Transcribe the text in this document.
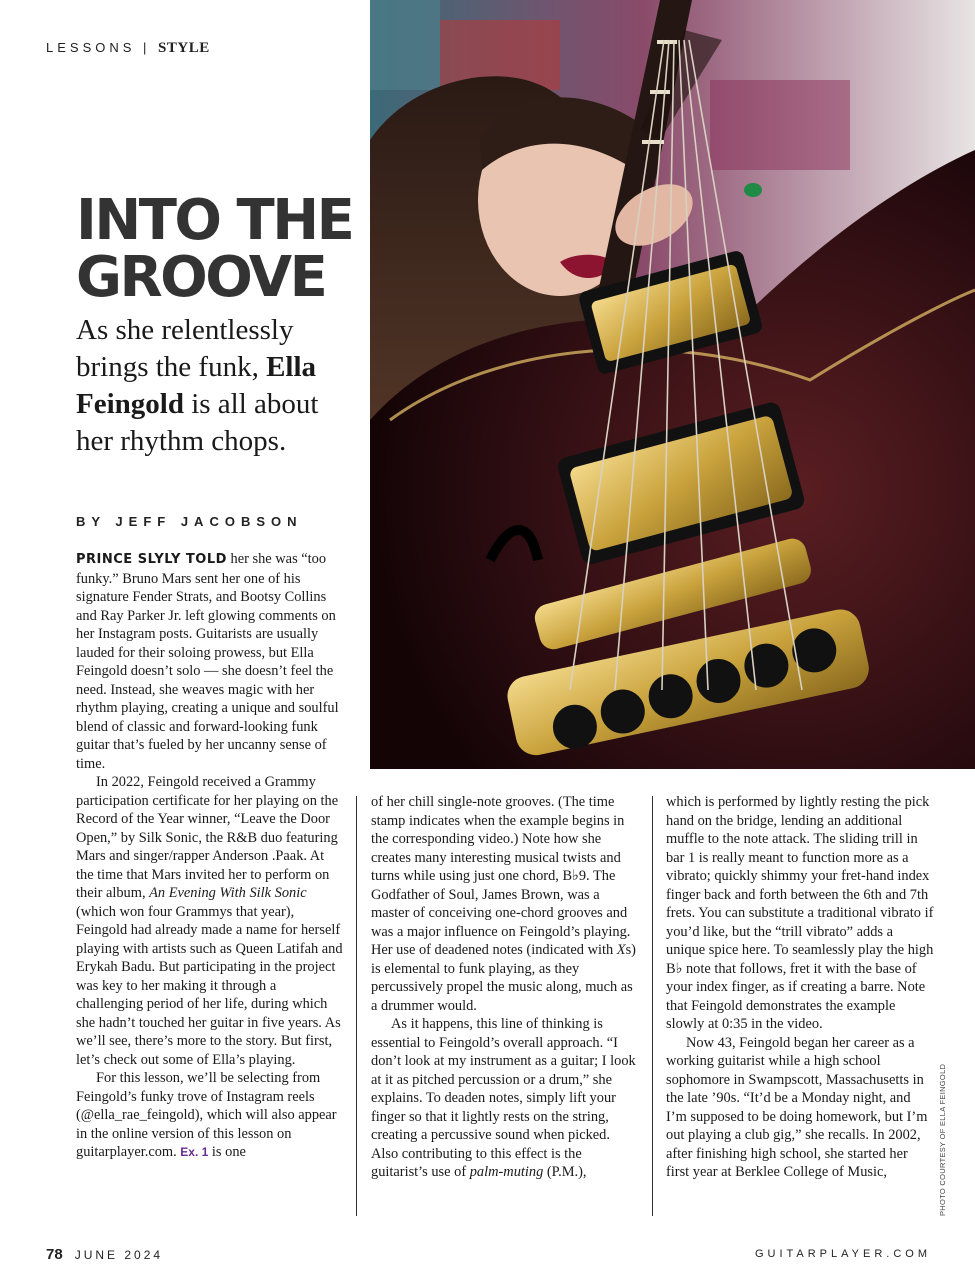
LESSONS | STYLE
INTO THE
GROOVE

As she relentlessly brings the funk, Ella Feingold is all about her rhythm chops.

BY JEFF JACOBSON

PRINCE SLYLY TOLD her she was “too funky.” Bruno Mars sent her one of his signature Fender Strats, and Bootsy Collins and Ray Parker Jr. left glowing comments on her Instagram posts. Guitarists are usually lauded for their soloing prowess, but Ella Feingold doesn’t solo — she doesn’t feel the need. Instead, she weaves magic with her rhythm playing, creating a unique and soulful blend of classic and forward-looking funk guitar that’s fueled by her uncanny sense of time.

In 2022, Feingold received a Grammy participation certificate for her playing on the Record of the Year winner, “Leave the Door Open,” by Silk Sonic, the R&B duo featuring Mars and singer/rapper Anderson .Paak. At the time that Mars invited her to perform on their album, An Evening With Silk Sonic (which won four Grammys that year), Feingold had already made a name for herself playing with artists such as Queen Latifah and Erykah Badu. But participating in the project was key to her making it through a challenging period of her life, during which she hadn’t touched her guitar in five years. As we’ll see, there’s more to the story. But first, let’s check out some of Ella’s playing.

For this lesson, we’ll be selecting from Feingold’s funky trove of Instagram reels (@ella_rae_feingold), which will also appear in the online version of this lesson on guitarplayer.com. Ex. 1 is one

of her chill single-note grooves. (The time stamp indicates when the example begins in the corresponding video.) Note how she creates many interesting musical twists and turns while using just one chord, B♭9. The Godfather of Soul, James Brown, was a master of conceiving one-chord grooves and was a major influence on Feingold’s playing. Her use of deadened notes (indicated with Xs) is elemental to funk playing, as they percussively propel the music along, much as a drummer would.

As it happens, this line of thinking is essential to Feingold’s overall approach. “I don’t look at my instrument as a guitar; I look at it as pitched percussion or a drum,” she explains. To deaden notes, simply lift your finger so that it lightly rests on the string, creating a percussive sound when picked. Also contributing to this effect is the guitarist’s use of palm-muting (P.M.),

which is performed by lightly resting the pick hand on the bridge, lending an additional muffle to the note attack. The sliding trill in bar 1 is really meant to function more as a vibrato; quickly shimmy your fret-hand index finger back and forth between the 6th and 7th frets. You can substitute a traditional vibrato if you’d like, but the “trill vibrato” adds a unique spice here. To seamlessly play the high B♭ note that follows, fret it with the base of your index finger, as if creating a barre. Note that Feingold demonstrates the example slowly at 0:35 in the video.

Now 43, Feingold began her career as a working guitarist while a high school sophomore in Swampscott, Massachusetts in the late ’90s. “It’d be a Monday night, and I’m supposed to be doing homework, but I’m out playing a club gig,” she recalls. In 2002, after finishing high school, she started her first year at Berklee College of Music,	PHOTO COURTESY OF ELLA FEINGOLD
78 JUNE 2024	GUITARPLAYER.COM
